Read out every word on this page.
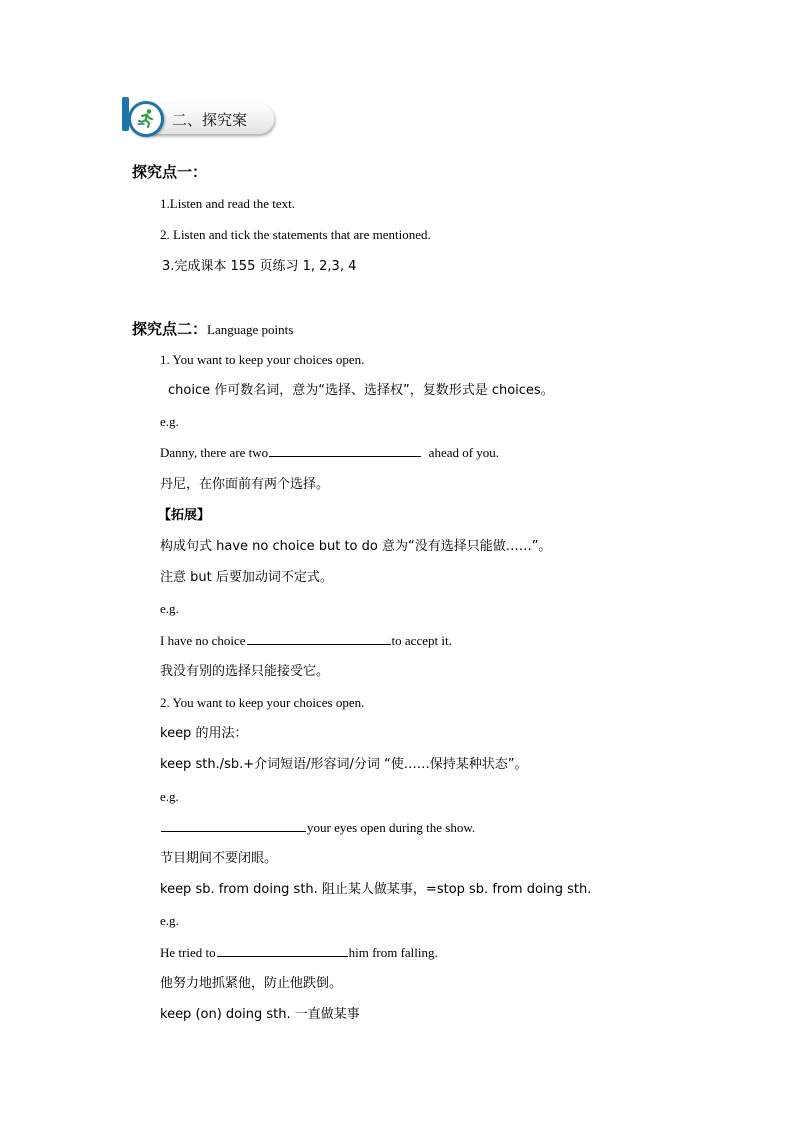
二、探究案
探究点一：
1.Listen and read the text.
2. Listen and tick the statements that are mentioned.
3.完成课本 155 页练习 1, 2,3, 4
探究点二：Language points
1. You want to keep your choices open.
choice 作可数名词，意为“选择、选择权”，复数形式是 choices。
e.g.
Danny, there are two	ahead of you.
丹尼，在你面前有两个选择。
【拓展】
构成句式 have no choice but to do 意为“没有选择只能做……”。
注意 but 后要加动词不定式。
e.g.
I have no choice	to accept it.
我没有别的选择只能接受它。
2. You want to keep your choices open.
keep 的用法：
keep sth./sb.+介词短语/形容词/分词 “使……保持某种状态”。
e.g.
your eyes open during the show.
节目期间不要闭眼。
keep sb. from doing sth. 阻止某人做某事，=stop sb. from doing sth.
e.g.
He tried to	him from falling.
他努力地抓紧他，防止他跌倒。
keep (on) doing sth. 一直做某事
